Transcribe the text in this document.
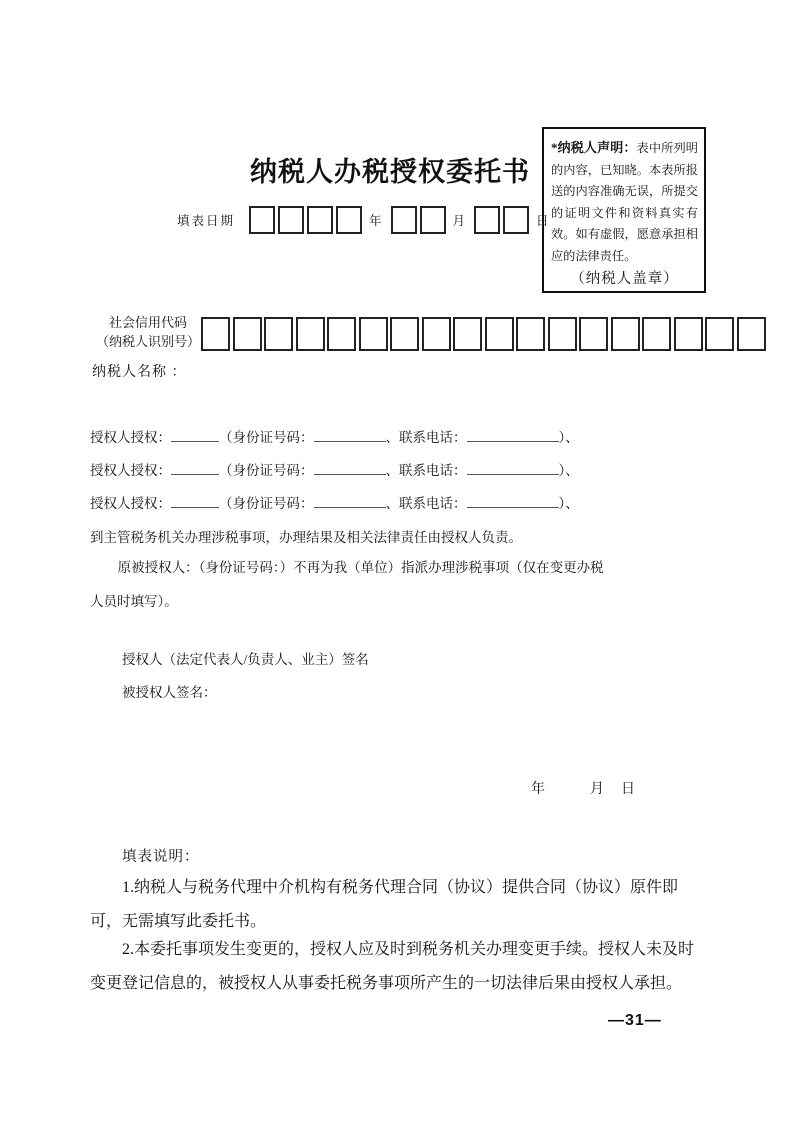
纳税人办税授权委托书
填表日期	年	月	日
*纳税人声明：表中所列明的内容，已知晓。本表所报送的内容准确无误，所提交的证明文件和资料真实有效。如有虚假，愿意承担相应的法律责任。
（纳税人盖章）
社会信用代码
（纳税人识别号）
纳税人名称 ：
授权人授权：	（身份证号码：	、联系电话：	）、
授权人授权：	（身份证号码：	、联系电话：	）、
授权人授权：	（身份证号码：	、联系电话：	）、
到主管税务机关办理涉税事项，办理结果及相关法律责任由授权人负责。
原被授权人：（身份证号码：）不再为我（单位）指派办理涉税事项（仅在变更办税人员时填写）。
授权人（法定代表人/负责人、业主）签名
被授权人签名：
年	月 日
填表说明：
1.纳税人与税务代理中介机构有税务代理合同（协议）提供合同（协议）原件即可，无需填写此委托书。
2.本委托事项发生变更的，授权人应及时到税务机关办理变更手续。授权人未及时变更登记信息的，被授权人从事委托税务事项所产生的一切法律后果由授权人承担。
—31—
